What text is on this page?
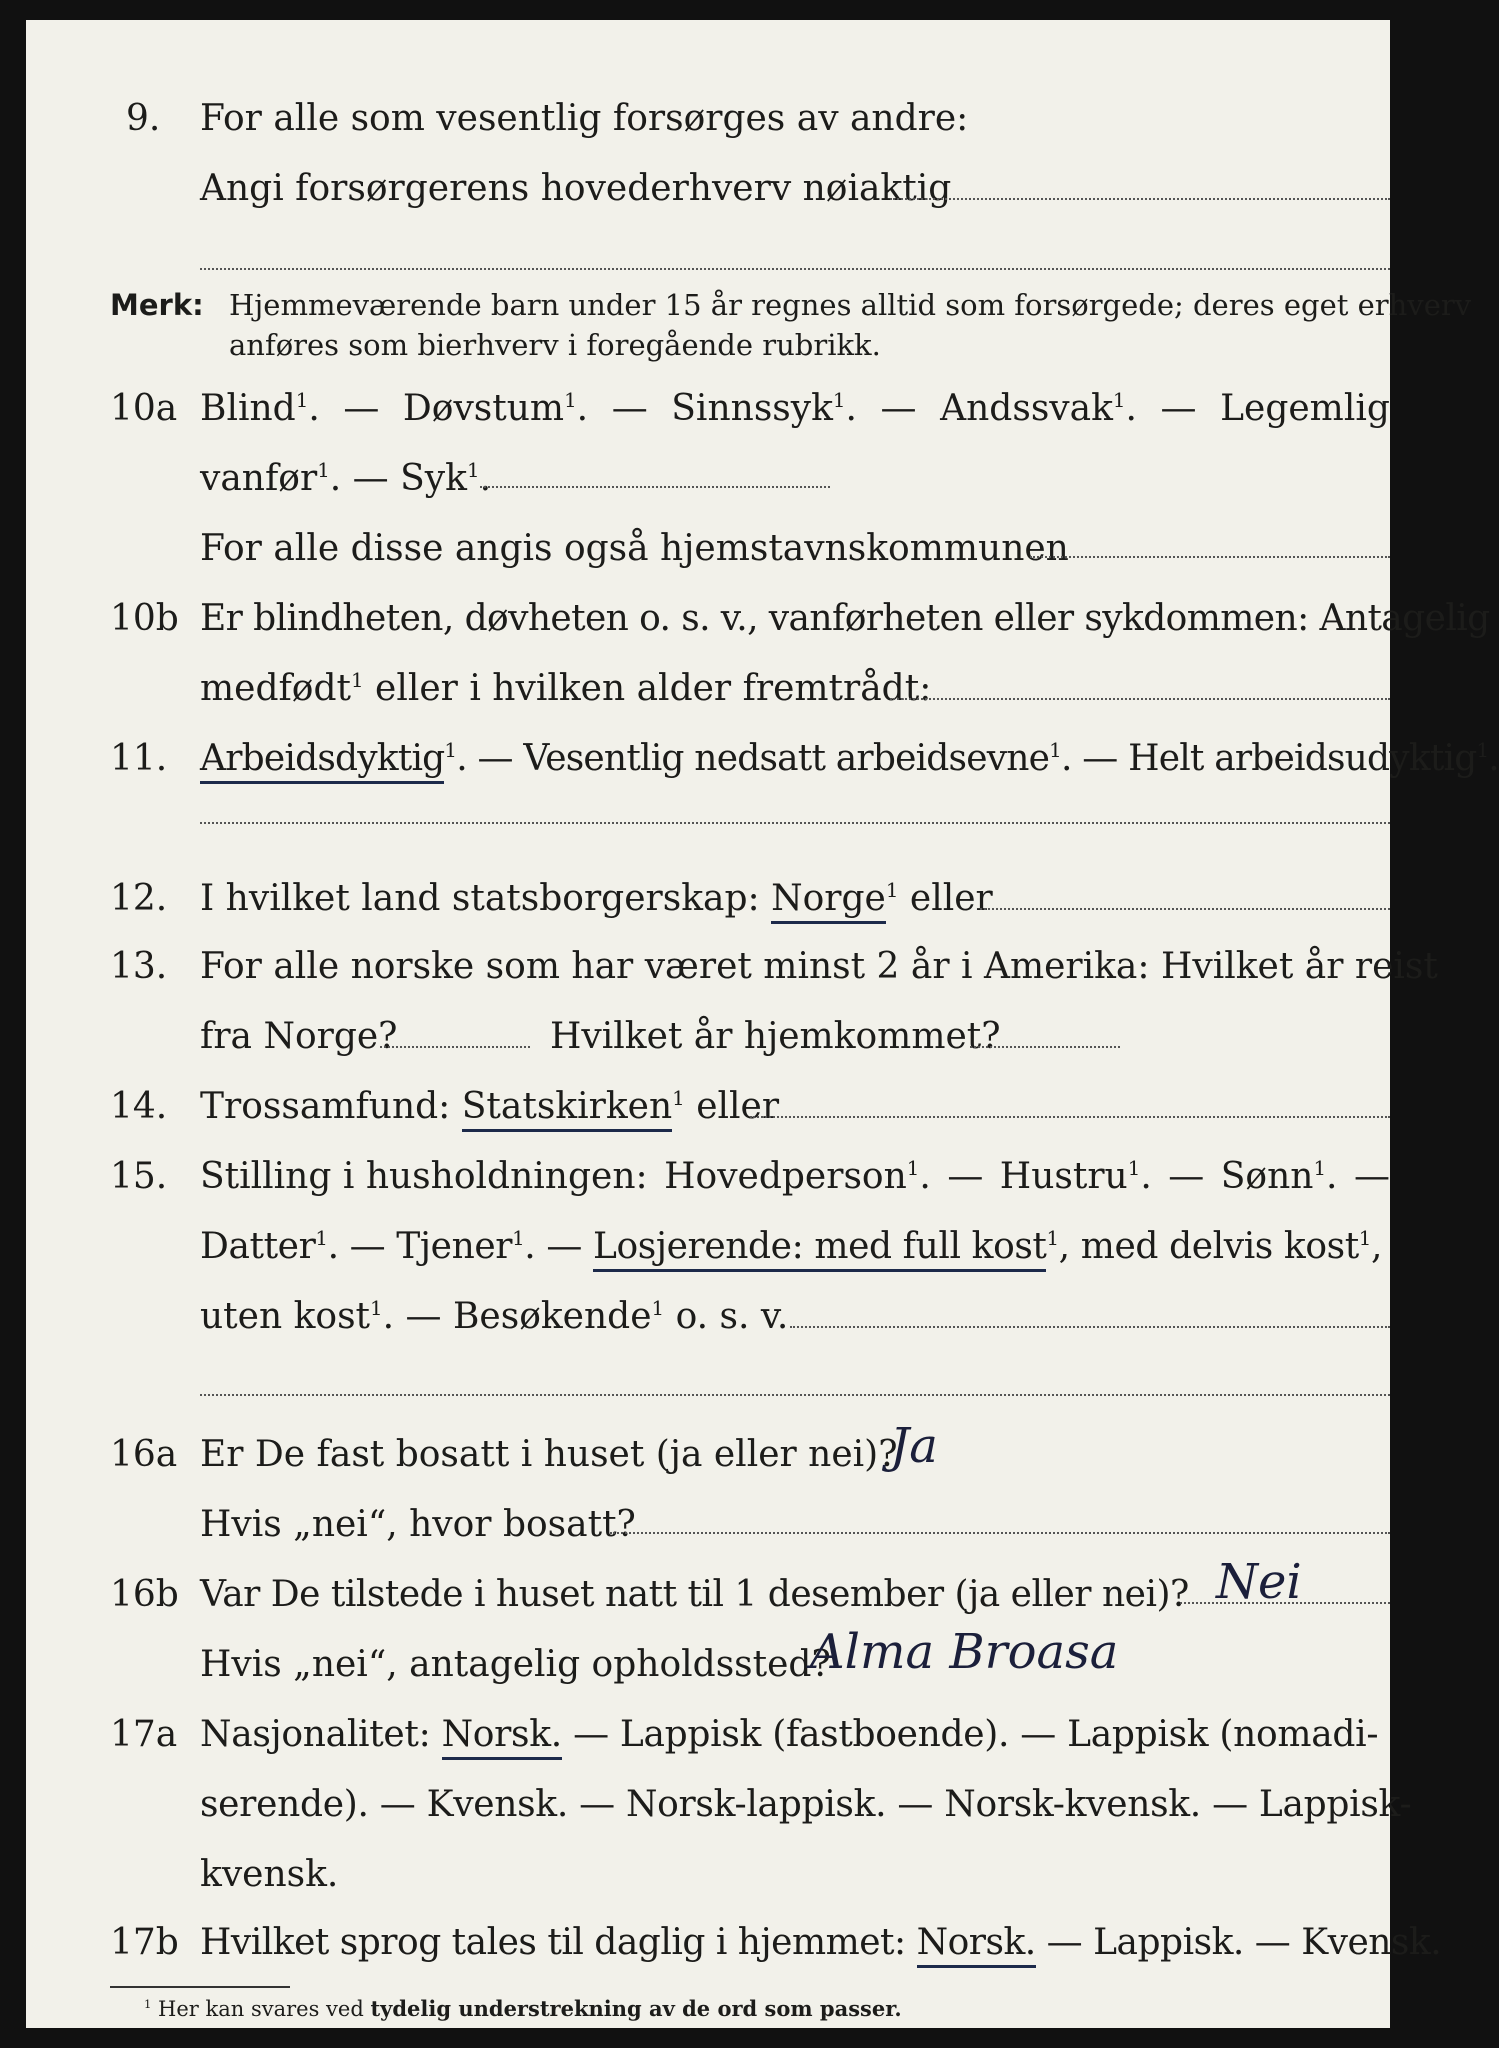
9. For alle som vesentlig forsørges av andre:
Angi forsørgerens hovederhverv nøiaktig
Merk: Hjemmeværende barn under 15 år regnes alltid som forsørgede; deres eget erhverv
anføres som bierhverv i foregående rubrikk.
10a Blind$^1$. — Døvstum$^1$. — Sinnssyk$^1$. — Andssvak$^1$. — Legemlig
vanfør$^1$. — Syk$^1$.
For alle disse angis også hjemstavnskommunen
10b Er blindheten, døvheten o. s. v., vanførheten eller sykdommen: Antagelig
medfødt$^1$ eller i hvilken alder fremtrådt:
11. Arbeidsdyktig$^1$. — Vesentlig nedsatt arbeidsevne$^1$. — Helt arbeidsudyktig$^1$.
12. I hvilket land statsborgerskap: Norge$^1$ eller
13. For alle norske som har været minst 2 år i Amerika: Hvilket år reist
fra Norge?	Hvilket år hjemkommet?
14. Trossamfund: Statskirken$^1$ eller
15. Stilling i husholdningen: Hovedperson$^1$. — Hustru$^1$. — Sønn$^1$. —
Datter$^1$. — Tjener$^1$. — Losjerende: med full kost$^1$, med delvis kost$^1$,
uten kost$^1$. — Besøkende$^1$ o. s. v.
16a Er De fast bosatt i huset (ja eller nei)?
Ja
Hvis „nei“, hvor bosatt?
16b Var De tilstede i huset natt til 1 desember (ja eller nei)? Nei
Hvis „nei“, antagelig opholdssted?
Alma Broasa
17a Nasjonalitet: Norsk. — Lappisk (fastboende). — Lappisk (nomadi-
serende). — Kvensk. — Norsk-lappisk. — Norsk-kvensk. — Lappisk-
kvensk.
17b Hvilket sprog tales til daglig i hjemmet: Norsk. — Lappisk. — Kvensk.
$^1$ Her kan svares ved tydelig understrekning av de ord som passer.
